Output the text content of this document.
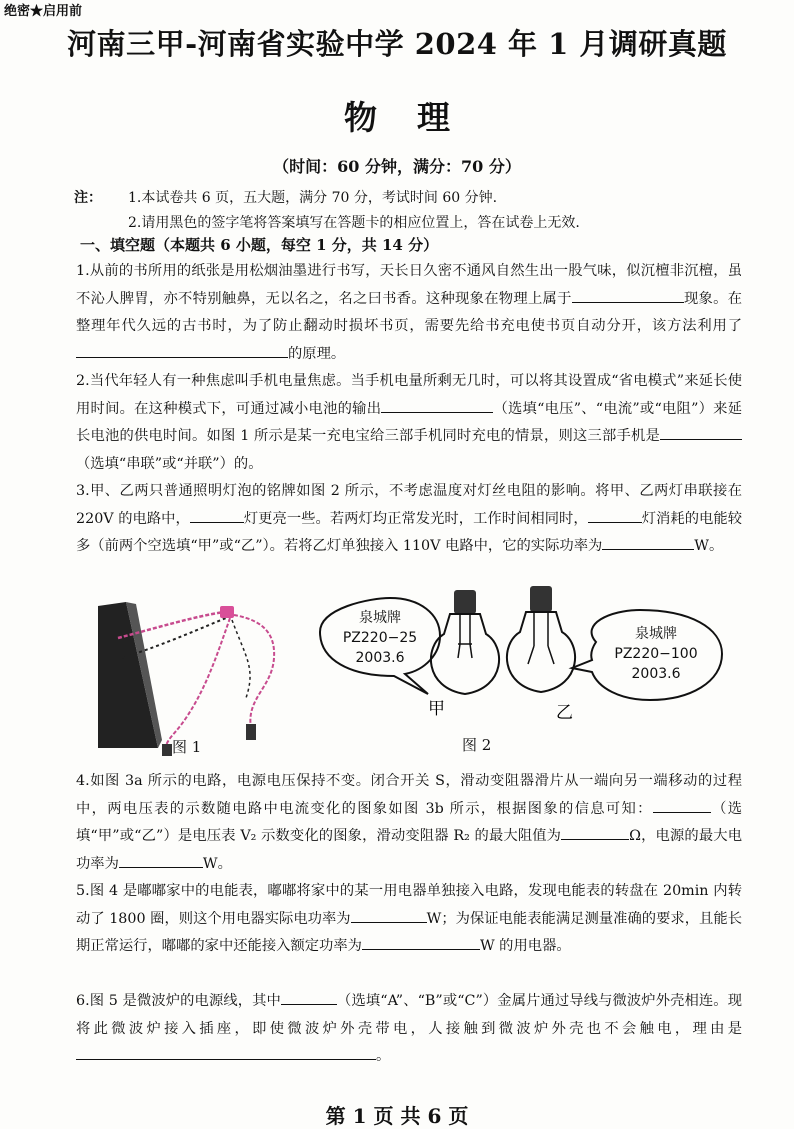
绝密★启用前
河南三甲-河南省实验中学 2024 年 1 月调研真题
物理
（时间：60 分钟，满分：70 分）
注：	1.本试卷共 6 页，五大题，满分 70 分，考试时间 60 分钟.
2.请用黑色的签字笔将答案填写在答题卡的相应位置上，答在试卷上无效.
一、填空题（本题共 6 小题，每空 1 分，共 14 分）

1.从前的书所用的纸张是用松烟油墨进行书写，天长日久密不通风自然生出一股气味，似沉檀非沉檀，虽不沁人脾胃，亦不特别触鼻，无以名之，名之曰书香。这种现象在物理上属于	现象。在整理年代久远的古书时，为了防止翻动时损坏书页，需要先给书充电使书页自动分开，该方法利用了的原理。

2.当代年轻人有一种焦虑叫手机电量焦虑。当手机电量所剩无几时，可以将其设置成“省电模式”来延长使用时间。在这种模式下，可通过减小电池的输出	（选填“电压”、“电流”或“电阻”）来延长电池的供电时间。如图 1 所示是某一充电宝给三部手机同时充电的情景，则这三部手机是（选填“串联”或“并联”）的。

3.甲、乙两只普通照明灯泡的铭牌如图 2 所示，不考虑温度对灯丝电阻的影响。将甲、乙两灯串联接在 220V 的电路中，	灯更亮一些。若两灯均正常发光时，工作时间相同时，	灯消耗的电能较多（前两个空选填“甲”或“乙”）。若将乙灯单独接入 110V 电路中，它的实际功率为	W。

图 1
泉城牌
PZ220−25
2003.6
甲	乙
泉城牌
PZ220−100
2003.6
图 2

4.如图 3a 所示的电路，电源电压保持不变。闭合开关 S，滑动变阻器滑片从一端向另一端移动的过程中，两电压表的示数随电路中电流变化的图象如图 3b 所示，根据图象的信息可知：	（选填“甲”或“乙”）是电压表 V₂ 示数变化的图象，滑动变阻器 R₂ 的最大阻值为	Ω，电源的最大电功率为	W。

5.图 4 是嘟嘟家中的电能表，嘟嘟将家中的某一用电器单独接入电路，发现电能表的转盘在 20min 内转动了 1800 圈，则这个用电器实际电功率为	W；为保证电能表能满足测量准确的要求，且能长期正常运行，嘟嘟的家中还能接入额定功率为	W 的用电器。

6.图 5 是微波炉的电源线，其中	（选填“A”、“B”或“C”）金属片通过导线与微波炉外壳相连。现将此微波炉接入插座，即使微波炉外壳带电，人接触到微波炉外壳也不会触电，理由是。

第 1 页 共 6 页
